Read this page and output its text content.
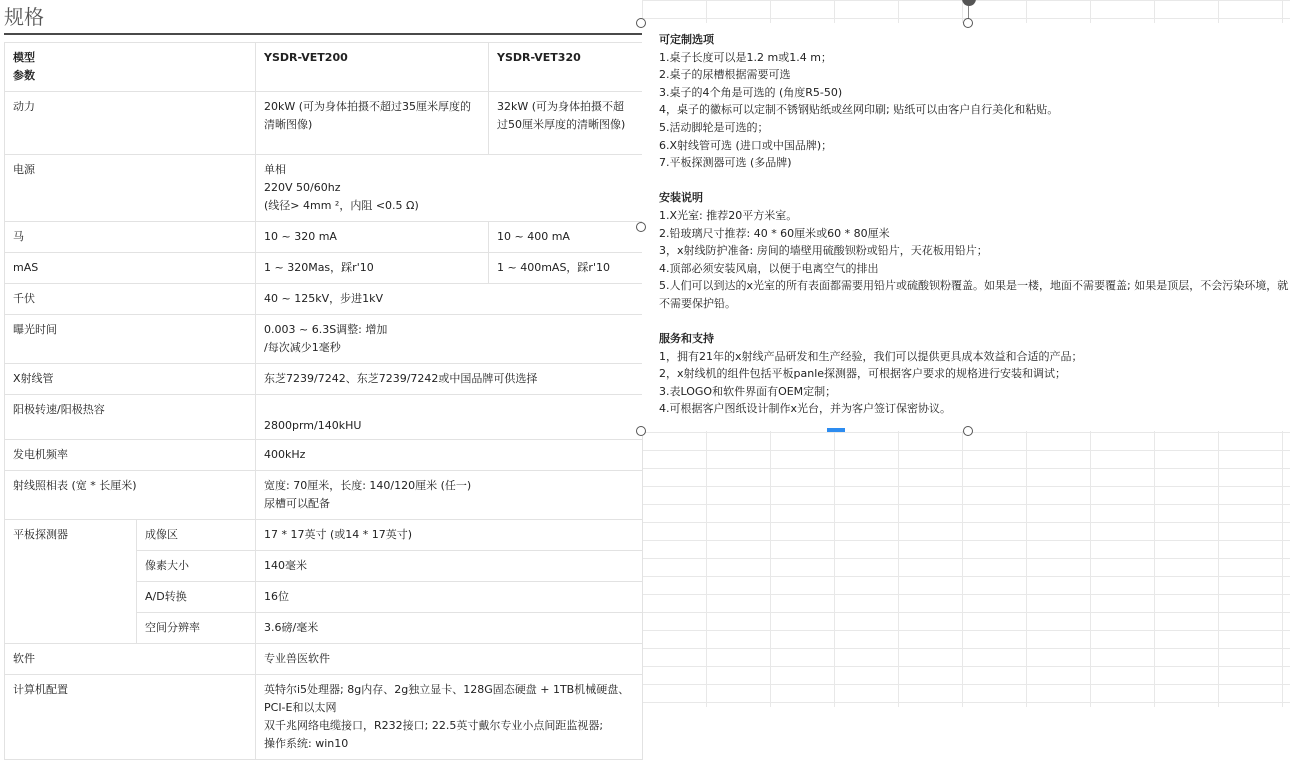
规格
模型
参数		YSDR-VET200	YSDR-VET320
动力		20kW (可为身体拍摄不超过35厘米厚度的清晰图像)	32kW (可为身体拍摄不超过50厘米厚度的清晰图像)
电源		单相
220V 50/60hz
(线径> 4mm ²，内阻 <0.5 Ω)	
马		10 ~ 320 mA	10 ~ 400 mA
mAS		1 ~ 320Mas，踩r'10	1 ~ 400mAS，踩r'10
千伏		40 ~ 125kV，步进1kV	
曝光时间		0.003 ~ 6.3S调整: 增加
/每次减少1毫秒	
X射线管		东芝7239/7242、东芝7239/7242或中国品牌可供选择	
阳极转速/阳极热容		2800prm/140kHU	
发电机频率		400kHz	
射线照相表 (宽 * 长厘米)		宽度: 70厘米，长度: 140/120厘米 (任一)
尿槽可以配备	
平板探测器	成像区	17 * 17英寸 (或14 * 17英寸)	
	像素大小	140毫米	
	A/D转换	16位	
	空间分辨率	3.6磅/毫米	
软件		专业兽医软件	
计算机配置		英特尔i5处理器; 8g内存、2g独立显卡、128G固态硬盘 + 1TB机械硬盘、PCI-E和以太网
双千兆网络电缆接口，R232接口; 22.5英寸戴尔专业小点间距监视器;
操作系统: win10	
可定制选项
1.桌子长度可以是1.2 m或1.4 m；
2.桌子的尿槽根据需要可选
3.桌子的4个角是可选的 (角度R5-50)
4，桌子的徽标可以定制不锈钢贴纸或丝网印刷; 贴纸可以由客户自行美化和粘贴。
5.活动脚轮是可选的；
6.X射线管可选 (进口或中国品牌)；
7.平板探测器可选 (多品牌)
安装说明
1.X光室: 推荐20平方米室。
2.铅玻璃尺寸推荐: 40 * 60厘米或60 * 80厘米
3，x射线防护准备: 房间的墙壁用硫酸钡粉或铅片，天花板用铅片；
4.顶部必须安装风扇，以便于电离空气的排出
5.人们可以到达的x光室的所有表面都需要用铅片或硫酸钡粉覆盖。如果是一楼，地面不需要覆盖; 如果是顶层，不会污染环境，就不需要保护铅。
服务和支持
1，拥有21年的x射线产品研发和生产经验，我们可以提供更具成本效益和合适的产品；
2，x射线机的组件包括平板panle探测器，可根据客户要求的规格进行安装和调试；
3.表LOGO和软件界面有OEM定制；
4.可根据客户图纸设计制作x光台，并为客户签订保密协议。
